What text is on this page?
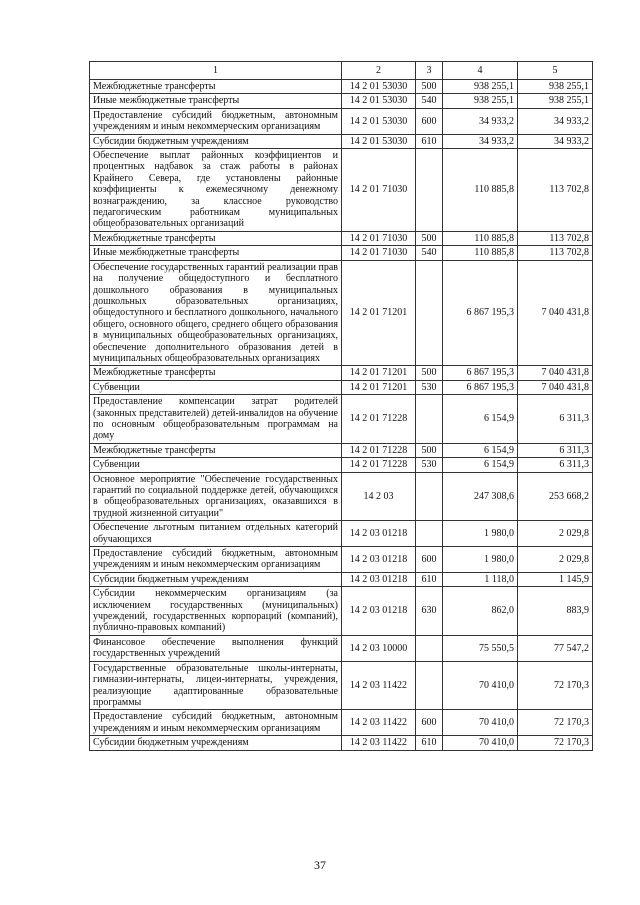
1	2	3	4	5
Межбюджетные трансферты	14 2 01 53030	500	938 255,1	938 255,1
Иные межбюджетные трансферты	14 2 01 53030	540	938 255,1	938 255,1
Предоставление субсидий бюджетным, автономным учреждениям и иным некоммерческим организациям	14 2 01 53030	600	34 933,2	34 933,2
Субсидии бюджетным учреждениям	14 2 01 53030	610	34 933,2	34 933,2
Обеспечение выплат районных коэффициентов и процентных надбавок за стаж работы в районах Крайнего Севера, где установлены районные коэффициенты к ежемесячному денежному вознаграждению, за классное руководство педагогическим работникам муниципальных общеобразовательных организаций	14 2 01 71030		110 885,8	113 702,8
Межбюджетные трансферты	14 2 01 71030	500	110 885,8	113 702,8
Иные межбюджетные трансферты	14 2 01 71030	540	110 885,8	113 702,8
Обеспечение государственных гарантий реализации прав на получение общедоступного и бесплатного дошкольного образования в муниципальных дошкольных образовательных организациях, общедоступного и бесплатного дошкольного, начального общего, основного общего, среднего общего образования в муниципальных общеобразовательных организациях, обеспечение дополнительного образования детей в муниципальных общеобразовательных организациях	14 2 01 71201		6 867 195,3	7 040 431,8
Межбюджетные трансферты	14 2 01 71201	500	6 867 195,3	7 040 431,8
Субвенции	14 2 01 71201	530	6 867 195,3	7 040 431,8
Предоставление компенсации затрат родителей (законных представителей) детей-инвалидов на обучение по основным общеобразовательным программам на дому	14 2 01 71228		6 154,9	6 311,3
Межбюджетные трансферты	14 2 01 71228	500	6 154,9	6 311,3
Субвенции	14 2 01 71228	530	6 154,9	6 311,3
Основное мероприятие "Обеспечение государственных гарантий по социальной поддержке детей, обучающихся в общеобразовательных организациях, оказавшихся в трудной жизненной ситуации"	14 2 03		247 308,6	253 668,2
Обеспечение льготным питанием отдельных категорий обучающихся	14 2 03 01218		1 980,0	2 029,8
Предоставление субсидий бюджетным, автономным учреждениям и иным некоммерческим организациям	14 2 03 01218	600	1 980,0	2 029,8
Субсидии бюджетным учреждениям	14 2 03 01218	610	1 118,0	1 145,9
Субсидии некоммерческим организациям (за исключением государственных (муниципальных) учреждений, государственных корпораций (компаний), публично-правовых компаний)	14 2 03 01218	630	862,0	883,9
Финансовое обеспечение выполнения функций государственных учреждений	14 2 03 10000		75 550,5	77 547,2
Государственные образовательные школы-интернаты, гимназии-интернаты, лицеи-интернаты, учреждения, реализующие адаптированные образовательные программы	14 2 03 11422		70 410,0	72 170,3
Предоставление субсидий бюджетным, автономным учреждениям и иным некоммерческим организациям	14 2 03 11422	600	70 410,0	72 170,3
Субсидии бюджетным учреждениям	14 2 03 11422	610	70 410,0	72 170,3
37
